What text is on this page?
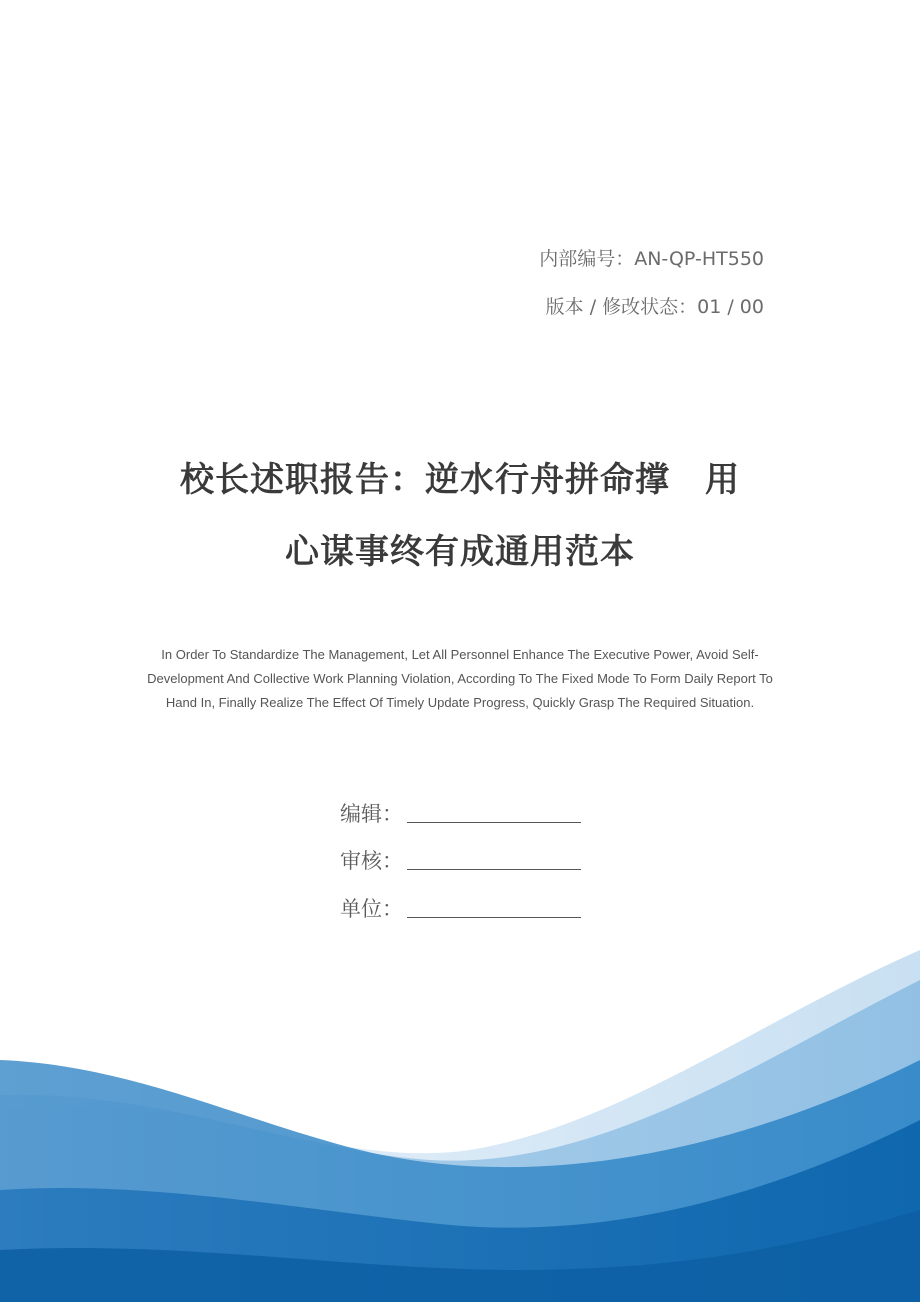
内部编号：AN-QP-HT550
版本 / 修改状态：01 / 00
校长述职报告：逆水行舟拼命撑　用
心谋事终有成通用范本
In Order To Standardize The Management, Let All Personnel Enhance The Executive Power, Avoid Self-Development And Collective Work Planning Violation, According To The Fixed Mode To Form Daily Report To Hand In, Finally Realize The Effect Of Timely Update Progress, Quickly Grasp The Required Situation.
编辑：
审核：
单位：
